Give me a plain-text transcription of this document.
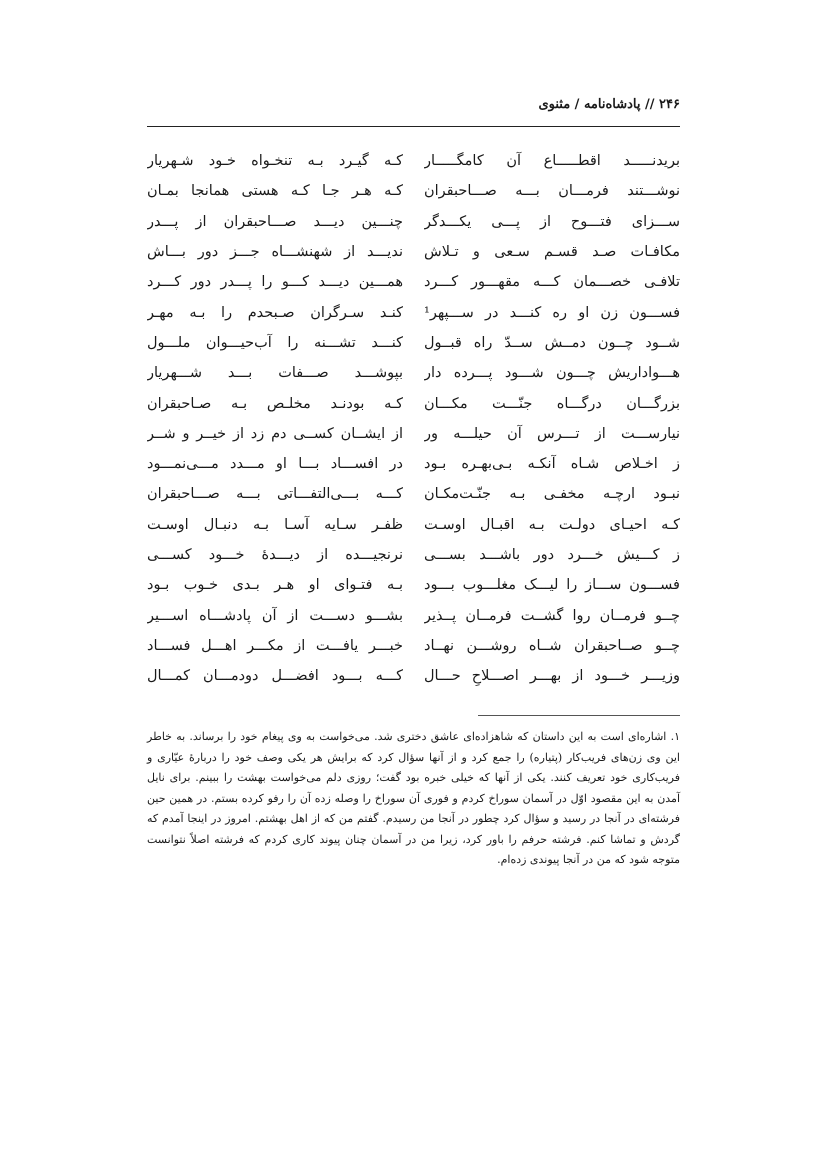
۲۴۶ // پادشاه‌نامه / مثنوی
بریدنـــــد اقطـــــاع آن کامگـــــار
کـه گیـرد بـه تنخـواه خـود شـهریار
نوشـــتند فرمـــان بـــه صـــاحبقران
کـه هـر جـا کـه هستی همانجا بمـان
ســـزای فتـــوح از پـــی یکـــدگر
چنـــین دیـــد صـــاحبقران از پـــدر
مکافـات صـد قسـم سـعی و تـلاش
ندیـــد از شهنشـــاه جـــز دور بـــاش
تلافـی خصـــمان کـــه مقهـــور کـــرد
همـــین دیـــد کـــو را پـــدر دور کـــرد
فســـون زن او ره کنـــد در ســـپهر¹
کنـد سـرگران صـبحدم را بـه مهـر
شــود چــون دمــش ســدّ راه قبــول
کنـــد تشـــنه را آب‌حیـــوان ملـــول
هـــواداریش چـــون شـــود پـــرده دار
بپوشـــد صـــفات بـــد شـــهریار
بزرگـــان درگـــاه جنّـــت مکـــان
کـه بودنـد مخلـص بـه صـاحبقران
نیارســـت از تـــرس آن حیلـــه ور
از ایشــان کســی دم زد از خیــر و شــر
ز اخـلاص شـاه آنکـه بـی‌بهـره بـود
در افســـاد بـــا او مـــدد مـــی‌نمـــود
نبـود ارچـه مخفـی بـه جنّـت‌مکـان
کـــه بـــی‌التفـــاتی بـــه صـــاحبقران
کـه احیـای دولـت بـه اقبـال اوسـت
ظفـر سـایه آسـا بـه دنبـال اوسـت
ز کـــیش خـــرد دور باشـــد بســـی
نرنجیـــده از دیـــدهٔ خـــود کســـی
فســـون ســـاز را لیـــک مغلـــوب بـــود
بـه فتـوای او هـر بـدی خـوب بـود
چــو فرمــان روا گشــت فرمــان پــذیر
بشـــو دســـت از آن پادشـــاه اســـیر
چــو صــاحبقران شــاه روشـــن نهــاد
خبـــر یافـــت از مکـــر اهـــل فســـاد
وزیـــر خـــود از بهـــر اصـــلاحِ حـــال
کـــه بـــود افضـــل دودمـــان کمـــال
۱. اشاره‌ای است به این داستان که شاهزاده‌ای عاشق دختری شد. می‌خواست به وی پیغام خود را برساند. به خاطر این وی زن‌های فریب‌کار (پتیاره) را جمع کرد و از آنها سؤال کرد که برایش هر یکی وصف خود را دربارهٔ عیّاری و فریب‌کاری خود تعریف کنند. یکی از آنها که خیلی خبره بود گفت؛ روزی دلم می‌خواست بهشت را ببینم. برای نایل آمدن به این مقصود اوّل در آسمان سوراخ کردم و فوری آن سوراخ را وصله زده آن را رفو کرده بستم. در همین حین فرشته‌ای در آنجا در رسید و سؤال کرد چطور در آنجا من رسیدم. گفتم من که از اهل بهشتم. امروز در اینجا آمدم که گردش و تماشا کنم. فرشته حرفم را باور کرد، زیرا من در آسمان چنان پیوند کاری کردم که فرشته اصلاً نتوانست متوجه شود که من در آنجا پیوندی زده‌ام.
